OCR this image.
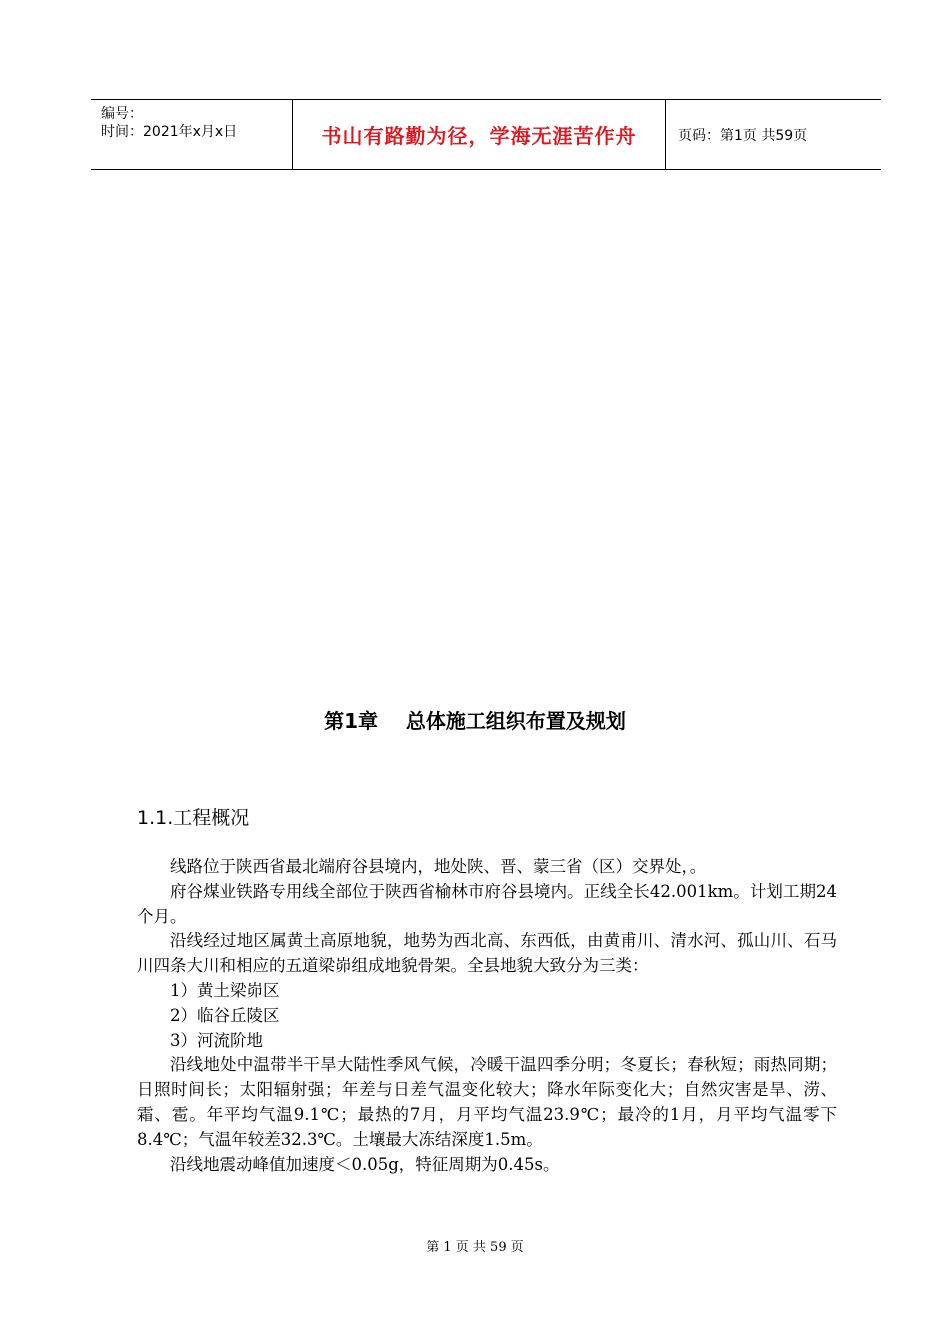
编号：
时间：2021年x月x日	书山有路勤为径，学海无涯苦作舟	页码：第1页 共59页
第1章    总体施工组织布置及规划
1.1.工程概况

线路位于陕西省最北端府谷县境内，地处陕、晋、蒙三省（区）交界处，。

府谷煤业铁路专用线全部位于陕西省榆林市府谷县境内。正线全长42.001km。计划工期24个月。

沿线经过地区属黄土高原地貌，地势为西北高、东西低，由黄甫川、清水河、孤山川、石马川四条大川和相应的五道梁峁组成地貌骨架。全县地貌大致分为三类：

1）黄土梁峁区

2）临谷丘陵区

3）河流阶地

沿线地处中温带半干旱大陆性季风气候，冷暖干温四季分明；冬夏长；春秋短；雨热同期；日照时间长；太阳辐射强；年差与日差气温变化较大；降水年际变化大；自然灾害是旱、涝、霜、雹。年平均气温9.1℃；最热的7月，月平均气温23.9℃；最冷的1月，月平均气温零下8.4℃；气温年较差32.3℃。土壤最大冻结深度1.5m。

沿线地震动峰值加速度＜0.05g，特征周期为0.45s。

第 1 页 共 59 页
